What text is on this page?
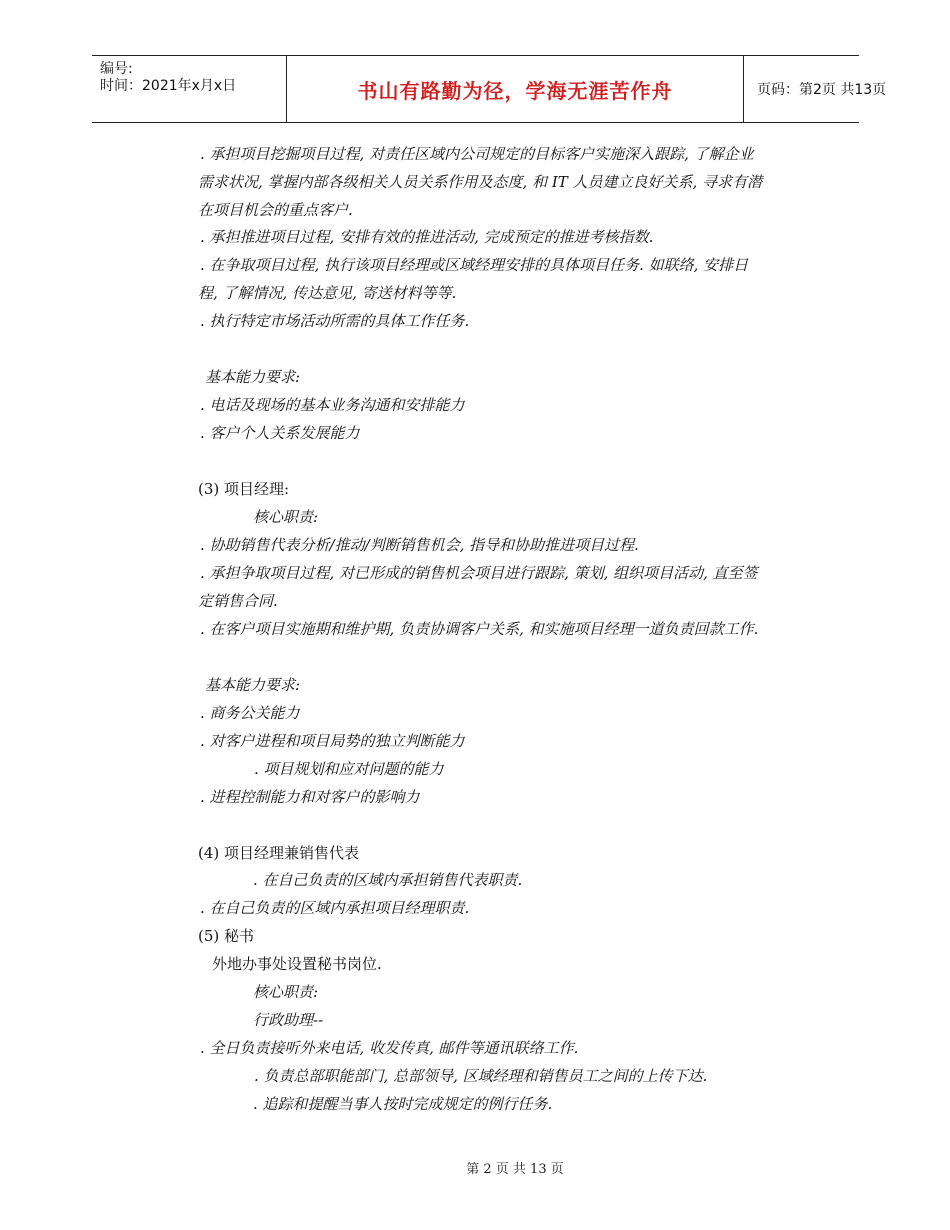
编号:
时间：2021年x月x日	书山有路勤为径，学海无涯苦作舟	页码：第2页 共13页
. 承担项目挖掘项目过程, 对责任区域内公司规定的目标客户实施深入跟踪, 了解企业
需求状况, 掌握内部各级相关人员关系作用及态度, 和 IT 人员建立良好关系, 寻求有潜
在项目机会的重点客户.
. 承担推进项目过程, 安排有效的推进活动, 完成预定的推进考核指数.
. 在争取项目过程, 执行该项目经理或区域经理安排的具体项目任务. 如联络, 安排日
程, 了解情况, 传达意见, 寄送材料等等.
. 执行特定市场活动所需的具体工作任务.
基本能力要求:
. 电话及现场的基本业务沟通和安排能力
. 客户个人关系发展能力
(3) 项目经理:
核心职责:
. 协助销售代表分析/推动/判断销售机会, 指导和协助推进项目过程.
. 承担争取项目过程, 对已形成的销售机会项目进行跟踪, 策划, 组织项目活动, 直至签
定销售合同.
. 在客户项目实施期和维护期, 负责协调客户关系, 和实施项目经理一道负责回款工作.
基本能力要求:
. 商务公关能力
. 对客户进程和项目局势的独立判断能力
. 项目规划和应对问题的能力
. 进程控制能力和对客户的影响力
(4) 项目经理兼销售代表
. 在自己负责的区域内承担销售代表职责.
. 在自己负责的区域内承担项目经理职责.
(5) 秘书
外地办事处设置秘书岗位.
核心职责:
行政助理--
. 全日负责接听外来电话, 收发传真, 邮件等通讯联络工作.
. 负责总部职能部门, 总部领导, 区域经理和销售员工之间的上传下达.
. 追踪和提醒当事人按时完成规定的例行任务.
第 2 页 共 13 页
